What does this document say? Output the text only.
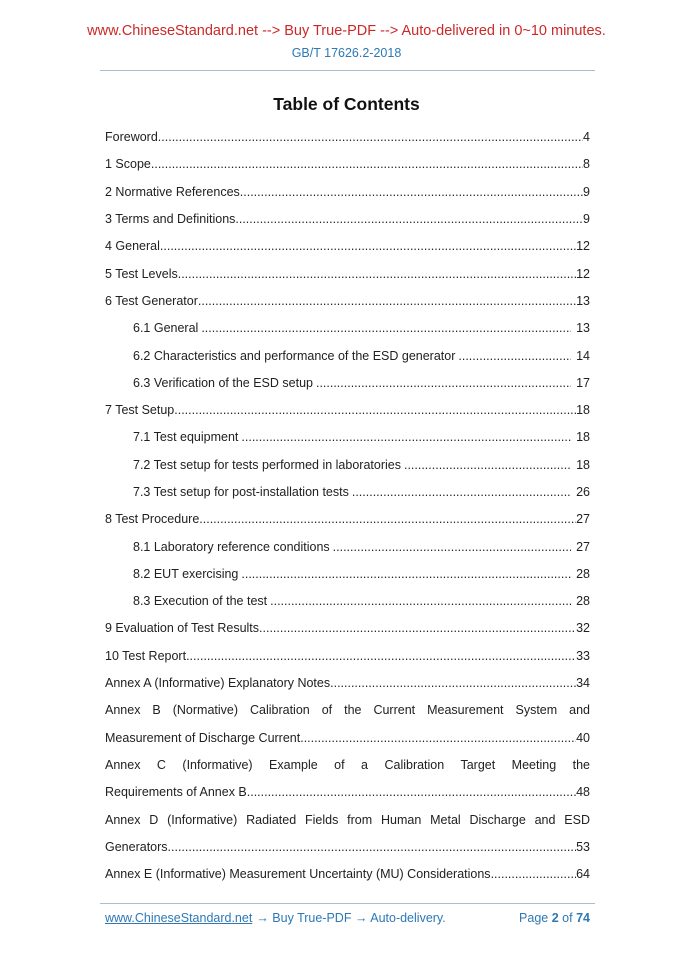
www.ChineseStandard.net --> Buy True-PDF --> Auto-delivered in 0~10 minutes.
GB/T 17626.2-2018
Table of Contents
Foreword .....	4
1 Scope .....	8
2 Normative References .....	9
3 Terms and Definitions .....	9
4 General .....	12
5 Test Levels .....	12
6 Test Generator .....	13
6.1 General .....	13
6.2 Characteristics and performance of the ESD generator .....	14
6.3 Verification of the ESD setup .....	17
7 Test Setup .....	18
7.1 Test equipment .....	18
7.2 Test setup for tests performed in laboratories .....	18
7.3 Test setup for post-installation tests .....	26
8 Test Procedure .....	27
8.1 Laboratory reference conditions .....	27
8.2 EUT exercising .....	28
8.3 Execution of the test .....	28
9 Evaluation of Test Results .....	32
10 Test Report .....	33
Annex A (Informative) Explanatory Notes .....	34
Annex B (Normative) Calibration of the Current Measurement System and
Measurement of Discharge Current .....	40
Annex C (Informative) Example of a Calibration Target Meeting the
Requirements of Annex B .....	48
Annex D (Informative) Radiated Fields from Human Metal Discharge and ESD
Generators .....	53
Annex E (Informative) Measurement Uncertainty (MU) Considerations .....	64
www.ChineseStandard.net → Buy True-PDF → Auto-delivery.	Page 2 of 74
